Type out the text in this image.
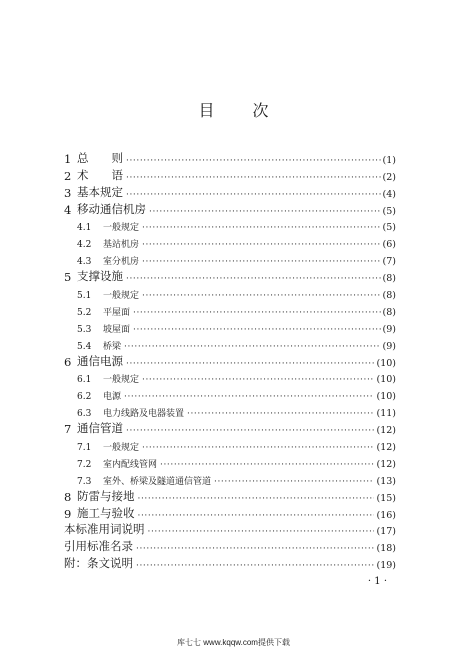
目 次
1 总　　则 ·····	(1)
2 术　　语 ·····	(2)
3 基本规定 ·····	(4)
4 移动通信机房 ·····	(5)
4.1	一般规定 ·····	(5)
4.2	基站机房 ·····	(6)
4.3	室分机房 ·····	(7)
5 支撑设施 ·····	(8)
5.1	一般规定 ·····	(8)
5.2	平屋面 ·····	(8)
5.3	坡屋面 ·····	(9)
5.4	桥梁 ·····	(9)
6 通信电源 ·····	(10)
6.1	一般规定 ·····	(10)
6.2	电源 ·····	(10)
6.3	电力线路及电器装置 ·····	(11)
7 通信管道 ·····	(12)
7.1	一般规定 ·····	(12)
7.2	室内配线管网 ·····	(12)
7.3	室外、桥梁及隧道通信管道 ·····	(13)
8 防雷与接地 ·····	(15)
9 施工与验收 ·····	(16)
本标准用词说明 ·····	(17)
引用标准名录 ·····	(18)
附：条文说明 ·····	(19)
· 1 ·
库七七 www.kqqw.com提供下载
